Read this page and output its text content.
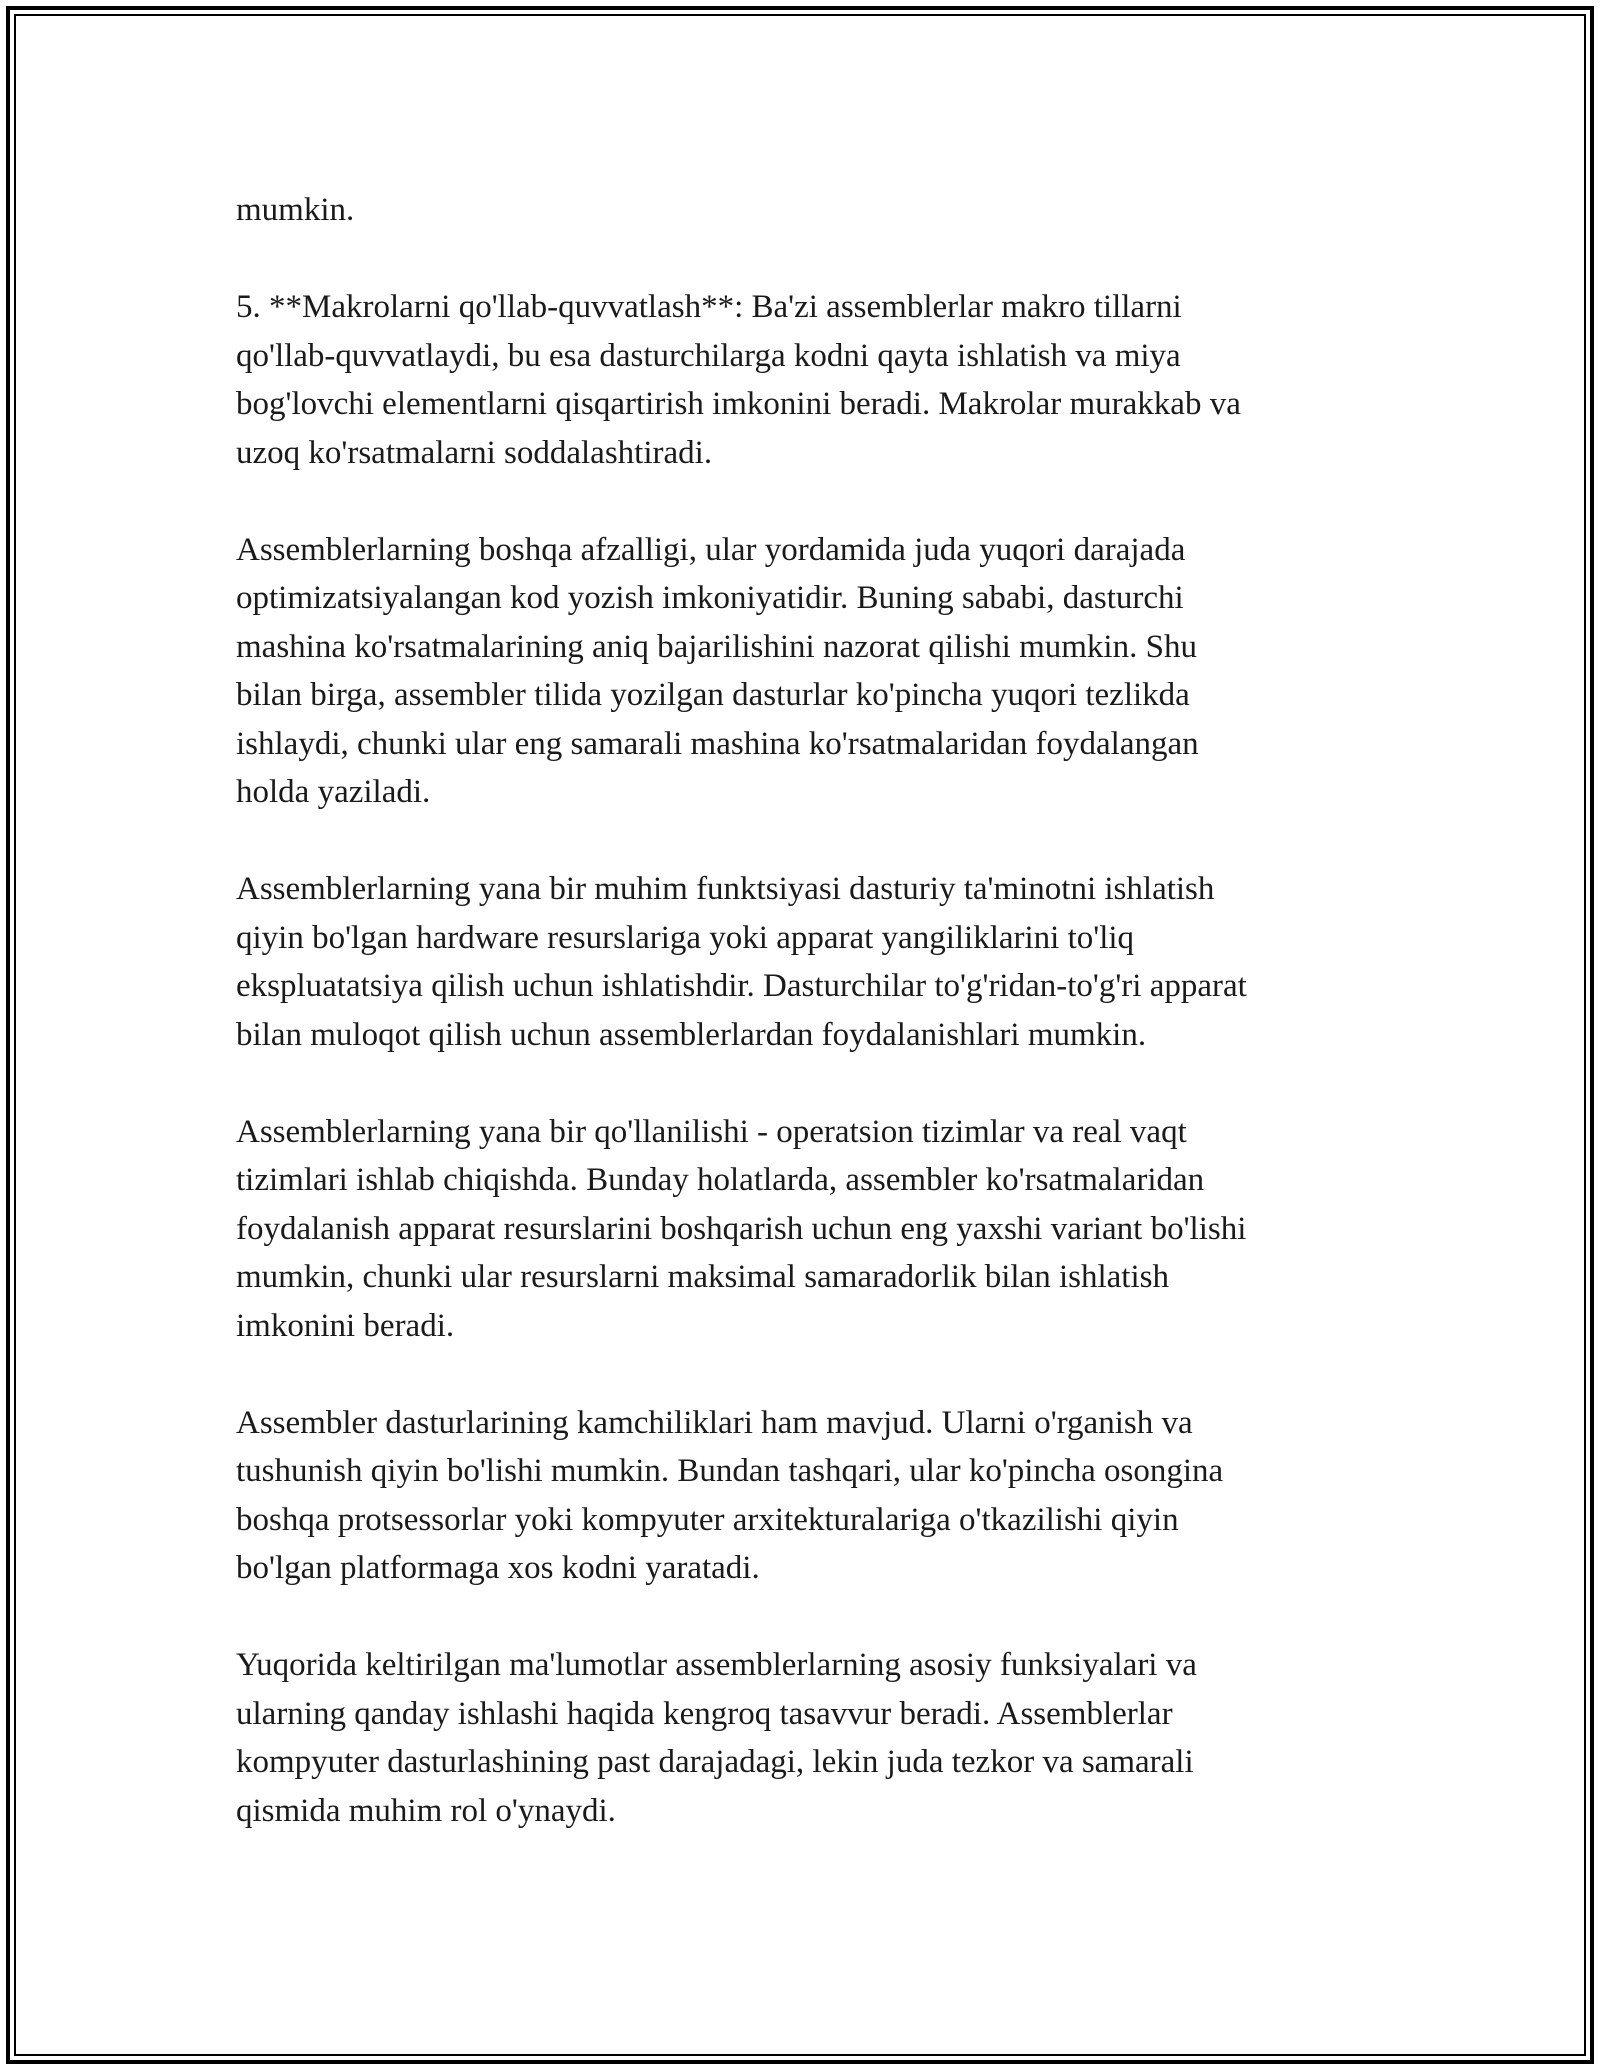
mumkin.

5. **Makrolarni qo'llab-quvvatlash**: Ba'zi assemblerlar makro tillarni
qo'llab-quvvatlaydi, bu esa dasturchilarga kodni qayta ishlatish va miya
bog'lovchi elementlarni qisqartirish imkonini beradi. Makrolar murakkab va
uzoq ko'rsatmalarni soddalashtiradi.

Assemblerlarning boshqa afzalligi, ular yordamida juda yuqori darajada
optimizatsiyalangan kod yozish imkoniyatidir. Buning sababi, dasturchi
mashina ko'rsatmalarining aniq bajarilishini nazorat qilishi mumkin. Shu
bilan birga, assembler tilida yozilgan dasturlar ko'pincha yuqori tezlikda
ishlaydi, chunki ular eng samarali mashina ko'rsatmalaridan foydalangan
holda yaziladi.

Assemblerlarning yana bir muhim funktsiyasi dasturiy ta'minotni ishlatish
qiyin bo'lgan hardware resurslariga yoki apparat yangiliklarini to'liq
ekspluatatsiya qilish uchun ishlatishdir. Dasturchilar to'g'ridan-to'g'ri apparat
bilan muloqot qilish uchun assemblerlardan foydalanishlari mumkin.

Assemblerlarning yana bir qo'llanilishi - operatsion tizimlar va real vaqt
tizimlari ishlab chiqishda. Bunday holatlarda, assembler ko'rsatmalaridan
foydalanish apparat resurslarini boshqarish uchun eng yaxshi variant bo'lishi
mumkin, chunki ular resurslarni maksimal samaradorlik bilan ishlatish
imkonini beradi.

Assembler dasturlarining kamchiliklari ham mavjud. Ularni o'rganish va
tushunish qiyin bo'lishi mumkin. Bundan tashqari, ular ko'pincha osongina
boshqa protsessorlar yoki kompyuter arxitekturalariga o'tkazilishi qiyin
bo'lgan platformaga xos kodni yaratadi.

Yuqorida keltirilgan ma'lumotlar assemblerlarning asosiy funksiyalari va
ularning qanday ishlashi haqida kengroq tasavvur beradi. Assemblerlar
kompyuter dasturlashining past darajadagi, lekin juda tezkor va samarali
qismida muhim rol o'ynaydi.
